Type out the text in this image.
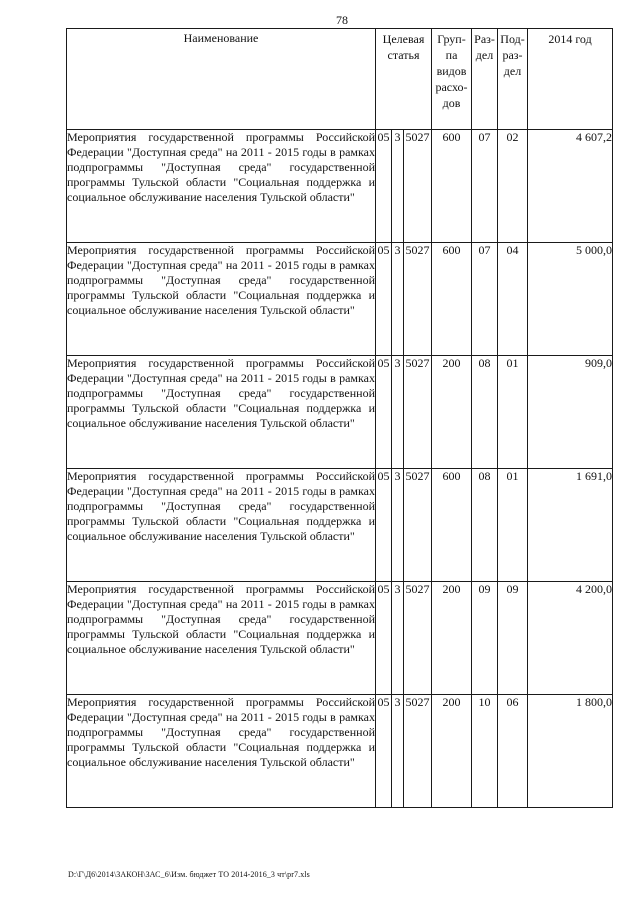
78
Наименование	Целевая статья			Груп-па видов расхо-дов	Раз-дел	Под-раз-дел	2014 год
Мероприятия государственной программы Российской Федерации "Доступная среда" на 2011 - 2015 годы в рамках подпрограммы "Доступная среда" государственной программы Тульской области "Социальная поддержка и социальное обслуживание населения Тульской области"	05	3	5027	600	07	02	4 607,2
Мероприятия государственной программы Российской Федерации "Доступная среда" на 2011 - 2015 годы в рамках подпрограммы "Доступная среда" государственной программы Тульской области "Социальная поддержка и социальное обслуживание населения Тульской области"	05	3	5027	600	07	04	5 000,0
Мероприятия государственной программы Российской Федерации "Доступная среда" на 2011 - 2015 годы в рамках подпрограммы "Доступная среда" государственной программы Тульской области "Социальная поддержка и социальное обслуживание населения Тульской области"	05	3	5027	200	08	01	909,0
Мероприятия государственной программы Российской Федерации "Доступная среда" на 2011 - 2015 годы в рамках подпрограммы "Доступная среда" государственной программы Тульской области "Социальная поддержка и социальное обслуживание населения Тульской области"	05	3	5027	600	08	01	1 691,0
Мероприятия государственной программы Российской Федерации "Доступная среда" на 2011 - 2015 годы в рамках подпрограммы "Доступная среда" государственной программы Тульской области "Социальная поддержка и социальное обслуживание населения Тульской области"	05	3	5027	200	09	09	4 200,0
Мероприятия государственной программы Российской Федерации "Доступная среда" на 2011 - 2015 годы в рамках подпрограммы "Доступная среда" государственной программы Тульской области "Социальная поддержка и социальное обслуживание населения Тульской области"	05	3	5027	200	10	06	1 800,0
D:\Г\Д6\2014\ЗАКОН\ЗАС_6\Изм. бюджет ТО 2014-2016_3 чт\pr7.xls
